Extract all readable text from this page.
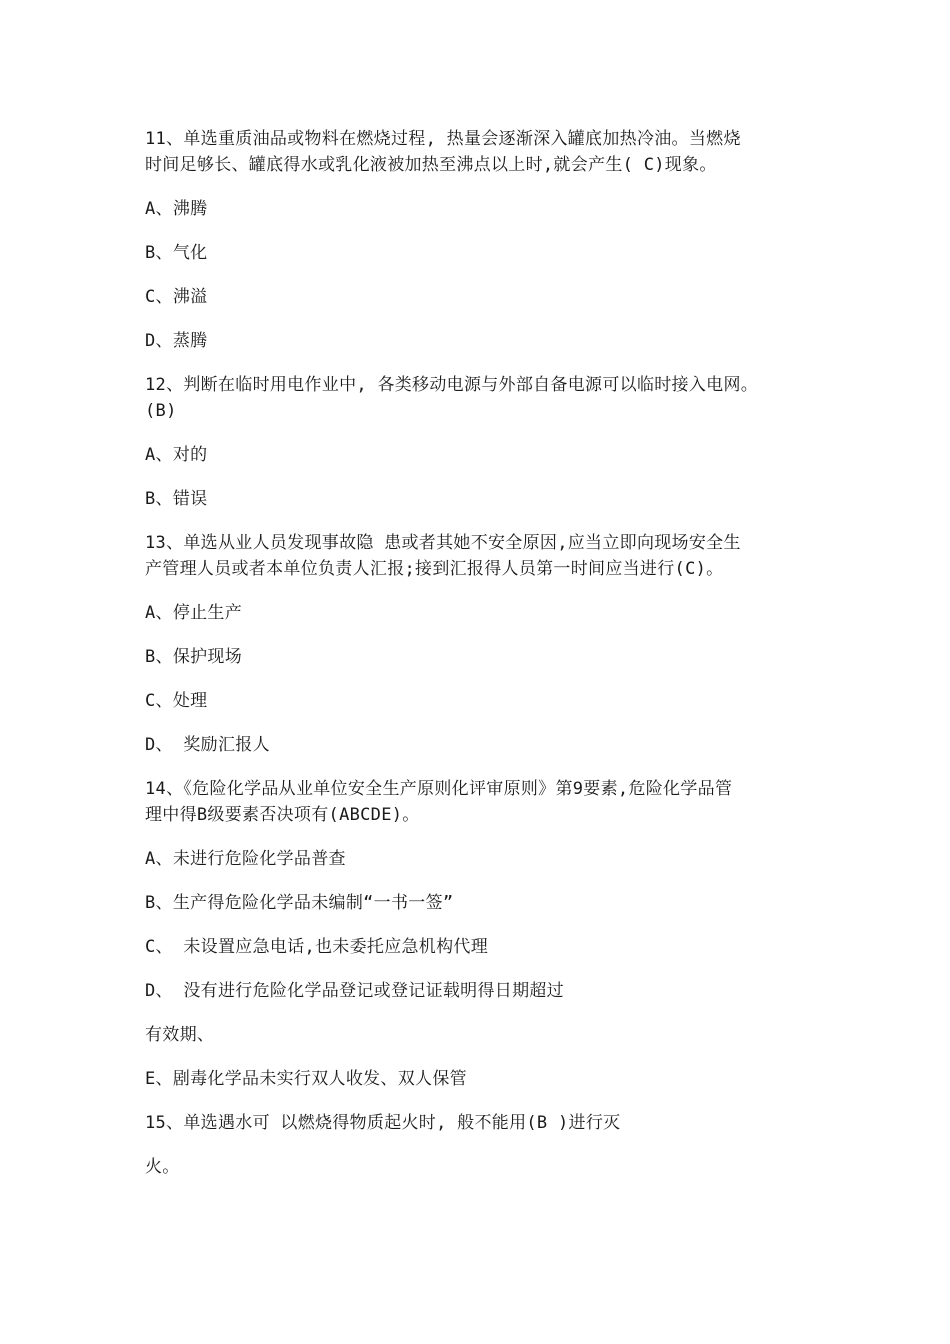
11、单选重质油品或物料在燃烧过程, 热量会逐渐深入罐底加热冷油。当燃烧

时间足够长、罐底得水或乳化液被加热至沸点以上时,就会产生( C)现象。

A、沸腾

B、气化

C、沸溢

D、蒸腾

12、判断在临时用电作业中, 各类移动电源与外部自备电源可以临时接入电网。

(B)

A、对的

B、错误

13、单选从业人员发现事故隐 患或者其她不安全原因,应当立即向现场安全生

产管理人员或者本单位负责人汇报;接到汇报得人员第一时间应当进行(C)。

A、停止生产

B、保护现场

C、处理

D、 奖励汇报人

14、《危险化学品从业单位安全生产原则化评审原则》第9要素,危险化学品管

理中得B级要素否决项有(ABCDE)。

A、未进行危险化学品普查

B、生产得危险化学品未编制“一书一签”

C、 未设置应急电话,也未委托应急机构代理

D、 没有进行危险化学品登记或登记证载明得日期超过

有效期、

E、剧毒化学品未实行双人收发、双人保管

15、单选遇水可 以燃烧得物质起火时, 般不能用(B )进行灭

火。
